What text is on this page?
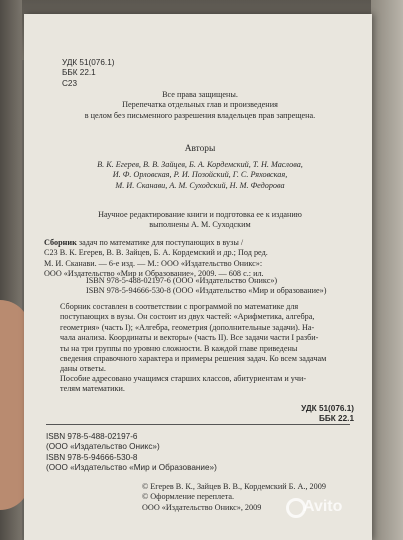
УДК 51(076.1)
ББК 22.1
С23
Все права защищены.
Перепечатка отдельных глав и произведения
в целом без письменного разрешения владельцев прав запрещена.
Авторы
В. К. Егерев, В. В. Зайцев, Б. А. Кордемский, Т. Н. Маслова,
И. Ф. Орловская, Р. И. Позойский, Г. С. Ряховская,
М. И. Сканави, А. М. Суходский, Н. М. Федорова
Научное редактирование книги и подготовка ее к изданию
выполнены А. М. Суходским
Сборник задач по математике для поступающих в вузы /
С23 В. К. Егерев, В. В. Зайцев, Б. А. Кордемский и др.; Под ред.
М. И. Сканави. — 6-е изд. — М.: ООО «Издательство Оникс»:
ООО «Издательство «Мир и Образование», 2009. — 608 с.: ил.
ISBN 978-5-488-02197-6 (ООО «Издательство Оникс»)
ISBN 978-5-94666-530-8 (ООО «Издательство «Мир и образование»)
Сборник составлен в соответствии с программой по математике для
поступающих в вузы. Он состоит из двух частей: «Арифметика, алгебра,
геометрия» (часть I); «Алгебра, геометрия (дополнительные задачи). На-
чала анализа. Координаты и векторы» (часть II). Все задачи части I разби-
ты на три группы по уровню сложности. В каждой главе приведены
сведения справочного характера и примеры решения задач. Ко всем задачам
даны ответы.
Пособие адресовано учащимся старших классов, абитуриентам и учи-
телям математики.
УДК 51(076.1)
ББК 22.1
ISBN 978-5-488-02197-6
(ООО «Издательство Оникс»)
ISBN 978-5-94666-530-8
(ООО «Издательство «Мир и Образование»)
© Егерев В. К., Зайцев В. В., Кордемский Б. А., 2009
© Оформление переплета.
ООО «Издательство Оникс», 2009	Avito
